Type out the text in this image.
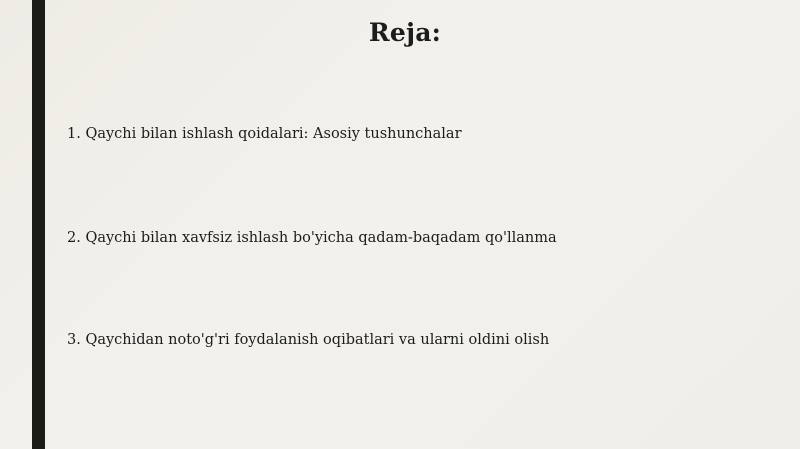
Reja:
1. Qaychi bilan ishlash qoidalari: Asosiy tushunchalar
2. Qaychi bilan xavfsiz ishlash bo'yicha qadam-baqadam qo'llanma
3. Qaychidan noto'g'ri foydalanish oqibatlari va ularni oldini olish
